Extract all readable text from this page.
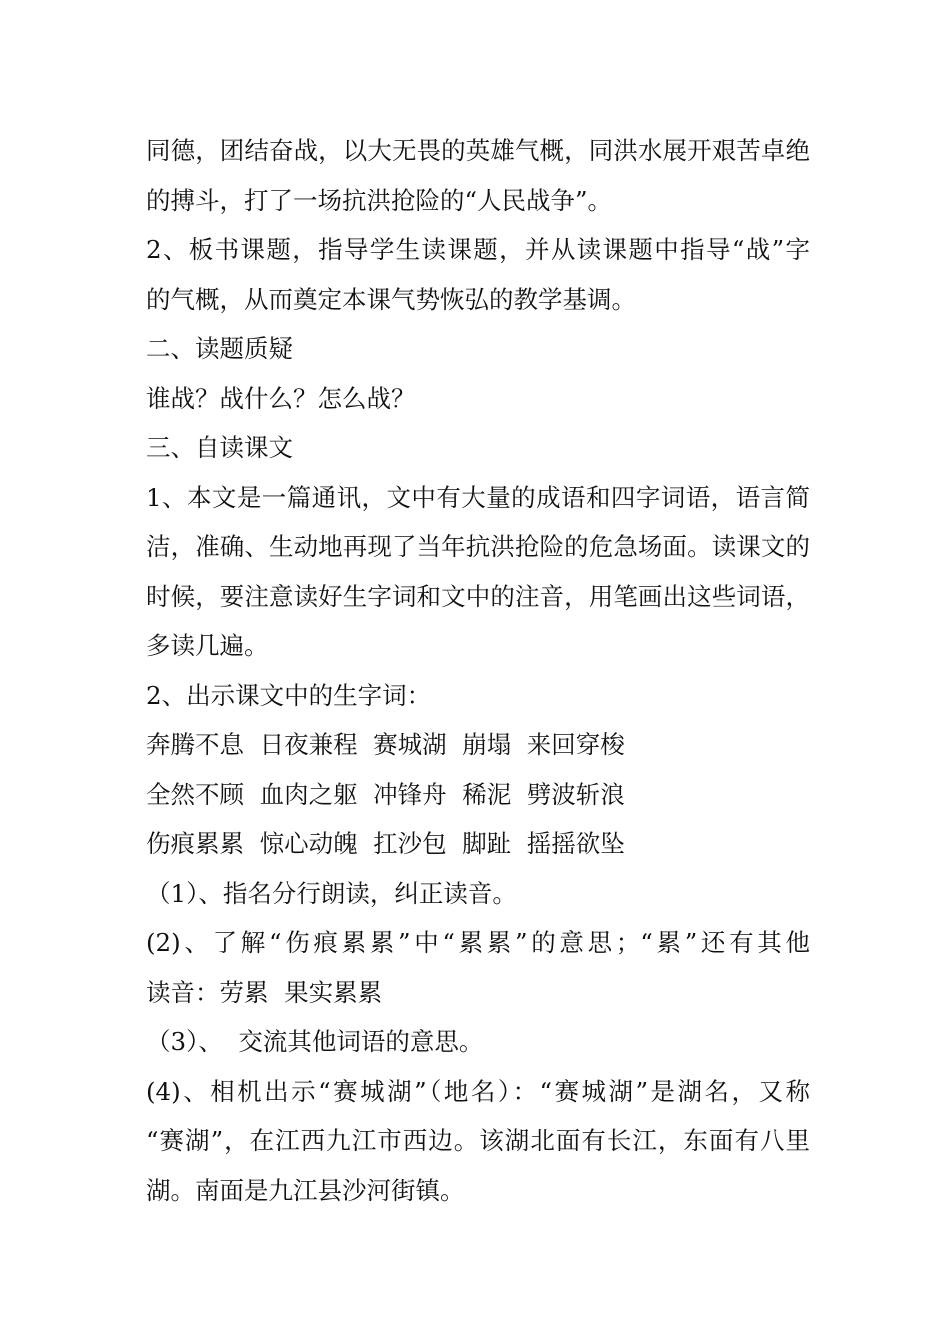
同德，团结奋战，以大无畏的英雄气概，同洪水展开艰苦卓绝
的搏斗，打了一场抗洪抢险的“人民战争”。
2、板书课题，指导学生读课题，并从读课题中指导“战”字
的气概，从而奠定本课气势恢弘的教学基调。
二、读题质疑
谁战？战什么？怎么战？
三、自读课文
1、本文是一篇通讯，文中有大量的成语和四字词语，语言简
洁，准确、生动地再现了当年抗洪抢险的危急场面。读课文的
时候，要注意读好生字词和文中的注音，用笔画出这些词语，
多读几遍。
2、出示课文中的生字词：
奔腾不息  日夜兼程  赛城湖  崩塌  来回穿梭
全然不顾  血肉之躯  冲锋舟  稀泥  劈波斩浪
伤痕累累  惊心动魄  扛沙包  脚趾  摇摇欲坠
（1）、指名分行朗读，纠正读音。
(2)、了解“伤痕累累”中“累累”的意思；“累”还有其他
读音：劳累  果实累累
（3）、  交流其他词语的意思。
(4)、相机出示“赛城湖”（地名）：“赛城湖”是湖名，又称
“赛湖”，在江西九江市西边。该湖北面有长江，东面有八里
湖。南面是九江县沙河街镇。
